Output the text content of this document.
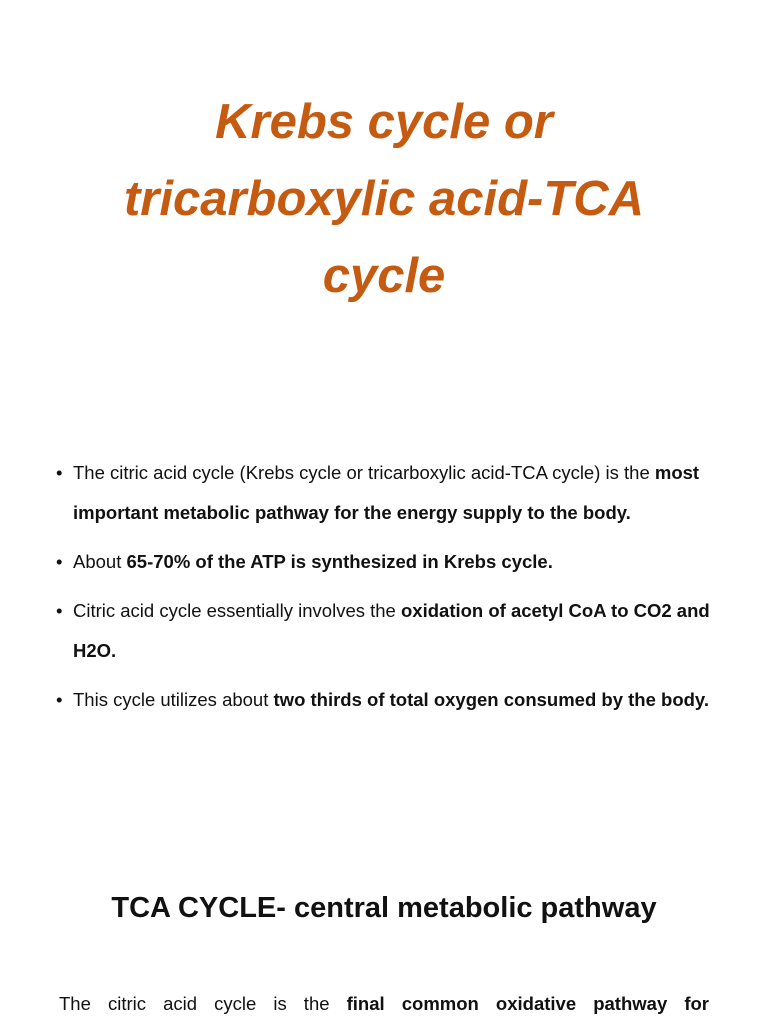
Krebs cycle or
tricarboxylic acid-TCA
cycle
• The citric acid cycle (Krebs cycle or tricarboxylic acid-TCA cycle) is the most important metabolic pathway for the energy supply to the body.
• About 65-70% of the ATP is synthesized in Krebs cycle.
• Citric acid cycle essentially involves the oxidation of acetyl CoA to CO2 and H2O.
• This cycle utilizes about two thirds of total oxygen consumed by the body.
TCA CYCLE- central metabolic pathway

The citric acid cycle is the final common oxidative pathway for
